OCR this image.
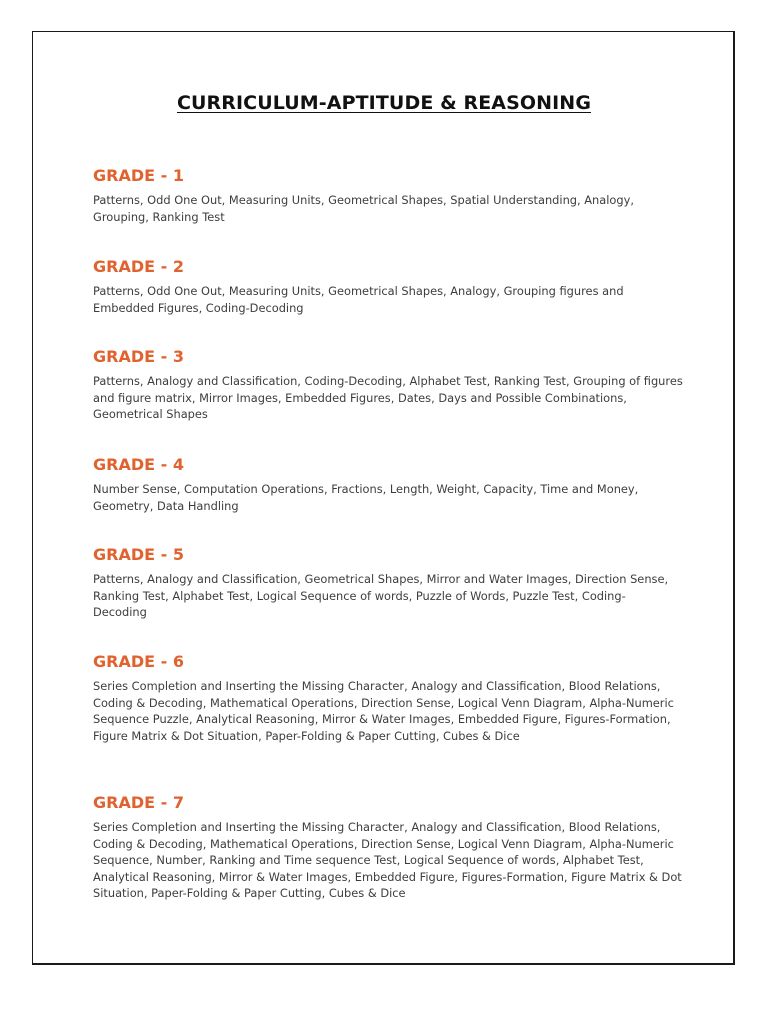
CURRICULUM-APTITUDE & REASONING
GRADE - 1

Patterns, Odd One Out, Measuring Units, Geometrical Shapes, Spatial Understanding, Analogy, Grouping, Ranking Test

GRADE - 2

Patterns, Odd One Out, Measuring Units, Geometrical Shapes, Analogy, Grouping figures and Embedded Figures, Coding-Decoding

GRADE - 3

Patterns, Analogy and Classification, Coding-Decoding, Alphabet Test, Ranking Test, Grouping of figures and figure matrix, Mirror Images, Embedded Figures, Dates, Days and Possible Combinations, Geometrical Shapes

GRADE - 4

Number Sense, Computation Operations, Fractions, Length, Weight, Capacity, Time and Money, Geometry, Data Handling

GRADE - 5

Patterns, Analogy and Classification, Geometrical Shapes, Mirror and Water Images, Direction Sense, Ranking Test, Alphabet Test, Logical Sequence of words, Puzzle of Words, Puzzle Test, Coding- Decoding

GRADE - 6

Series Completion and Inserting the Missing Character, Analogy and Classification, Blood Relations, Coding & Decoding, Mathematical Operations, Direction Sense, Logical Venn Diagram, Alpha-Numeric Sequence Puzzle, Analytical Reasoning, Mirror & Water Images, Embedded Figure, Figures-Formation, Figure Matrix & Dot Situation, Paper-Folding & Paper Cutting, Cubes & Dice

GRADE - 7

Series Completion and Inserting the Missing Character, Analogy and Classification, Blood Relations, Coding & Decoding, Mathematical Operations, Direction Sense, Logical Venn Diagram, Alpha-Numeric Sequence, Number, Ranking and Time sequence Test, Logical Sequence of words, Alphabet Test, Analytical Reasoning, Mirror & Water Images, Embedded Figure, Figures-Formation, Figure Matrix & Dot Situation, Paper-Folding & Paper Cutting, Cubes & Dice
